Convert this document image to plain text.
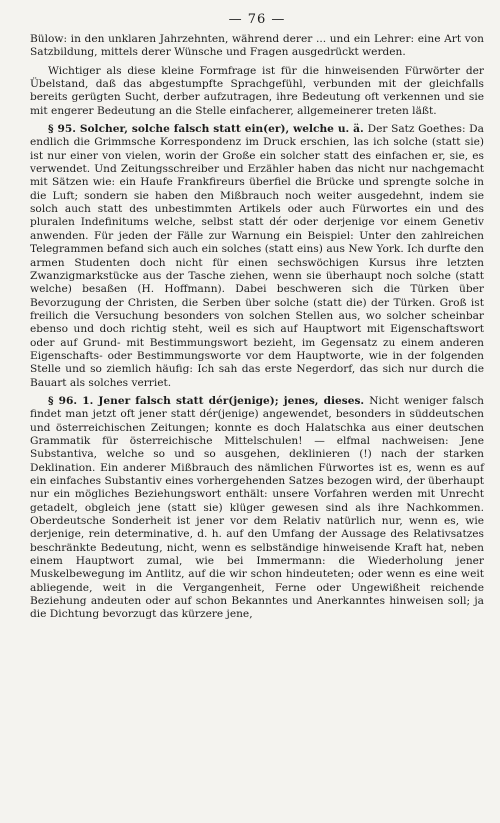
— 76 —

Bülow: in den unklaren Jahrzehnten, während derer ... und ein Lehrer: eine Art von Satzbildung, mittels derer Wünsche und Fragen ausgedrückt werden.

Wichtiger als diese kleine Formfrage ist für die hinweisenden Fürwörter der Übelstand, daß das abgestumpfte Sprachgefühl, verbunden mit der gleichfalls bereits gerügten Sucht, derber aufzutragen, ihre Bedeutung oft verkennen und sie mit engerer Bedeutung an die Stelle einfacherer, allgemeinerer treten läßt.

§ 95. Solcher, solche falsch statt ein(er), welche u. ä. Der Satz Goethes: Da endlich die Grimmsche Korrespondenz im Druck erschien, las ich solche (statt sie) ist nur einer von vielen, worin der Große ein solcher statt des einfachen er, sie, es verwendet. Und Zeitungsschreiber und Erzähler haben das nicht nur nachgemacht mit Sätzen wie: ein Haufe Frankfireurs überfiel die Brücke und sprengte solche in die Luft; sondern sie haben den Mißbrauch noch weiter ausgedehnt, indem sie solch auch statt des unbestimmten Artikels oder auch Fürwortes ein und des pluralen Indefinitums welche, selbst statt dér oder derjenige vor einem Genetiv anwenden. Für jeden der Fälle zur Warnung ein Beispiel: Unter den zahlreichen Telegrammen befand sich auch ein solches (statt eins) aus New York. Ich durfte den armen Studenten doch nicht für einen sechswöchigen Kursus ihre letzten Zwanzigmarkstücke aus der Tasche ziehen, wenn sie überhaupt noch solche (statt welche) besaßen (H. Hoffmann). Dabei beschweren sich die Türken über Bevorzugung der Christen, die Serben über solche (statt die) der Türken. Groß ist freilich die Versuchung besonders von solchen Stellen aus, wo solcher scheinbar ebenso und doch richtig steht, weil es sich auf Hauptwort mit Eigenschaftswort oder auf Grund- mit Bestimmungswort bezieht, im Gegensatz zu einem anderen Eigenschafts- oder Bestimmungsworte vor dem Hauptworte, wie in der folgenden Stelle und so ziemlich häufig: Ich sah das erste Negerdorf, das sich nur durch die Bauart als solches verriet.

§ 96. 1. Jener falsch statt dér(jenige); jenes, dieses. Nicht weniger falsch findet man jetzt oft jener statt dér(jenige) angewendet, besonders in süddeutschen und österreichischen Zeitungen; konnte es doch Halatschka aus einer deutschen Grammatik für österreichische Mittelschulen! — elfmal nachweisen: Jene Substantiva, welche so und so ausgehen, deklinieren (!) nach der starken Deklination. Ein anderer Mißbrauch des nämlichen Fürwortes ist es, wenn es auf ein einfaches Substantiv eines vorhergehenden Satzes bezogen wird, der überhaupt nur ein mögliches Beziehungswort enthält: unsere Vorfahren werden mit Unrecht getadelt, obgleich jene (statt sie) klüger gewesen sind als ihre Nachkommen. Oberdeutsche Sonderheit ist jener vor dem Relativ natürlich nur, wenn es, wie derjenige, rein determinative, d. h. auf den Umfang der Aussage des Relativsatzes beschränkte Bedeutung, nicht, wenn es selbständige hinweisende Kraft hat, neben einem Hauptwort zumal, wie bei Immermann: die Wiederholung jener Muskelbewegung im Antlitz, auf die wir schon hindeuteten; oder wenn es eine weit abliegende, weit in die Vergangenheit, Ferne oder Ungewißheit reichende Beziehung andeuten oder auf schon Bekanntes und Anerkanntes hinweisen soll; ja die Dichtung bevorzugt das kürzere jene,
